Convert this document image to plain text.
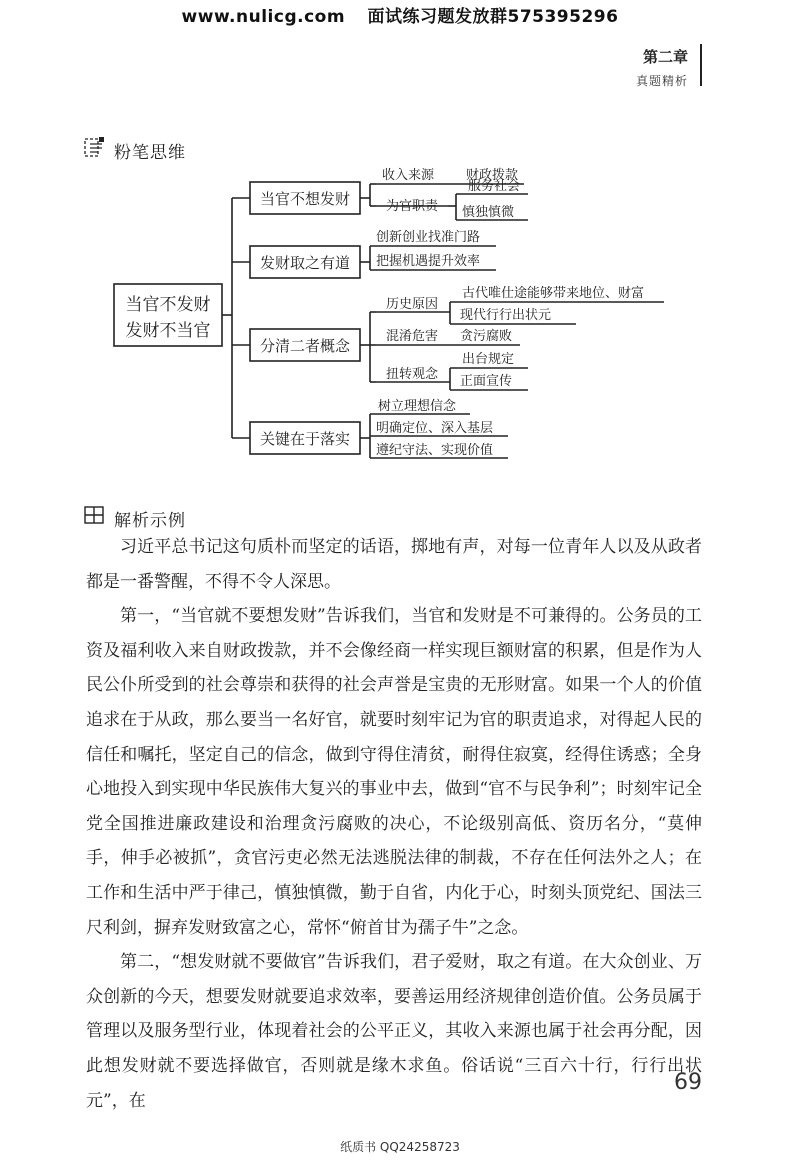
www.nulicg.com 面试练习题发放群575395296
第二章
真题精析
粉笔思维
当官不发财
发财不当官
当官不想发财
发财取之有道
分清二者概念
关键在于落实
收入来源 财政拨款
为官职责
服务社会
慎独慎微
创新创业找准门路
把握机遇提升效率
历史原因
古代唯仕途能够带来地位、财富
现代行行出状元
混淆危害 贪污腐败
扭转观念
出台规定
正面宣传
树立理想信念
明确定位、深入基层
遵纪守法、实现价值
解析示例

习近平总书记这句质朴而坚定的话语，掷地有声，对每一位青年人以及从政者都是一番警醒，不得不令人深思。

第一，“当官就不要想发财”告诉我们，当官和发财是不可兼得的。公务员的工资及福利收入来自财政拨款，并不会像经商一样实现巨额财富的积累，但是作为人民公仆所受到的社会尊崇和获得的社会声誉是宝贵的无形财富。如果一个人的价值追求在于从政，那么要当一名好官，就要时刻牢记为官的职责追求，对得起人民的信任和嘱托，坚定自己的信念，做到守得住清贫，耐得住寂寞，经得住诱惑；全身心地投入到实现中华民族伟大复兴的事业中去，做到“官不与民争利”；时刻牢记全党全国推进廉政建设和治理贪污腐败的决心，不论级别高低、资历名分，“莫伸手，伸手必被抓”，贪官污吏必然无法逃脱法律的制裁，不存在任何法外之人；在工作和生活中严于律己，慎独慎微，勤于自省，内化于心，时刻头顶党纪、国法三尺利剑，摒弃发财致富之心，常怀“俯首甘为孺子牛”之念。

第二，“想发财就不要做官”告诉我们，君子爱财，取之有道。在大众创业、万众创新的今天，想要发财就要追求效率，要善运用经济规律创造价值。公务员属于管理以及服务型行业，体现着社会的公平正义，其收入来源也属于社会再分配，因此想发财就不要选择做官，否则就是缘木求鱼。俗话说“三百六十行，行行出状元”，在

69
纸质书 QQ24258723
